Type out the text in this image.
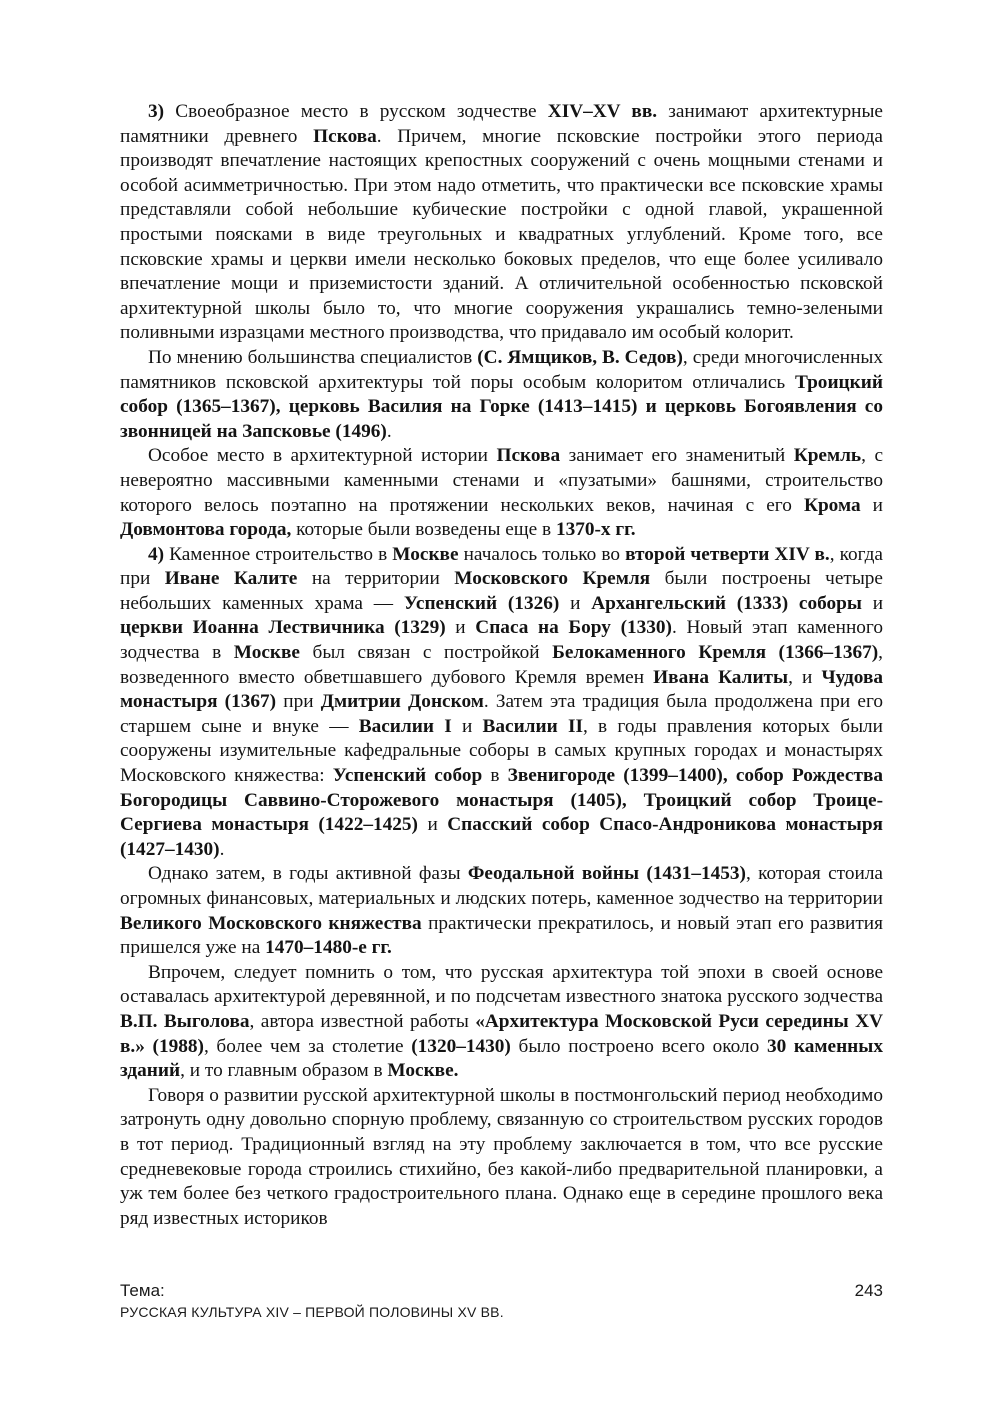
3) Своеобразное место в русском зодчестве XIV–XV вв. занимают архитектурные памятники древнего Пскова. Причем, многие псковские постройки этого периода производят впечатление настоящих крепостных сооружений с очень мощными стенами и особой асимметричностью. При этом надо отметить, что практически все псковские храмы представляли собой небольшие кубические постройки с одной главой, украшенной простыми поясками в виде треугольных и квадратных углублений. Кроме того, все псковские храмы и церкви имели несколько боковых пределов, что еще более усиливало впечатление мощи и приземистости зданий. А отличительной особенностью псковской архитектурной школы было то, что многие сооружения украшались темно-зелеными поливными изразцами местного производства, что придавало им особый колорит.

По мнению большинства специалистов (С. Ямщиков, В. Седов), среди многочисленных памятников псковской архитектуры той поры особым колоритом отличались Троицкий собор (1365–1367), церковь Василия на Горке (1413–1415) и церковь Богоявления со звонницей на Запсковье (1496).

Особое место в архитектурной истории Пскова занимает его знаменитый Кремль, с невероятно массивными каменными стенами и «пузатыми» башнями, строительство которого велось поэтапно на протяжении нескольких веков, начиная с его Крома и Довмонтова города, которые были возведены еще в 1370-х гг.

4) Каменное строительство в Москве началось только во второй четверти XIV в., когда при Иване Калите на территории Московского Кремля были построены четыре небольших каменных храма — Успенский (1326) и Архангельский (1333) соборы и церкви Иоанна Лествичника (1329) и Спаса на Бору (1330). Новый этап каменного зодчества в Москве был связан с постройкой Белокаменного Кремля (1366–1367), возведенного вместо обветшавшего дубового Кремля времен Ивана Калиты, и Чудова монастыря (1367) при Дмитрии Донском. Затем эта традиция была продолжена при его старшем сыне и внуке — Василии I и Василии II, в годы правления которых были сооружены изумительные кафедральные соборы в самых крупных городах и монастырях Московского княжества: Успенский собор в Звенигороде (1399–1400), собор Рождества Богородицы Саввино-Сторожевого монастыря (1405), Троицкий собор Троице-Сергиева монастыря (1422–1425) и Спасский собор Спасо-Андроникова монастыря (1427–1430).

Однако затем, в годы активной фазы Феодальной войны (1431–1453), которая стоила огромных финансовых, материальных и людских потерь, каменное зодчество на территории Великого Московского княжества практически прекратилось, и новый этап его развития пришелся уже на 1470–1480-е гг.

Впрочем, следует помнить о том, что русская архитектура той эпохи в своей основе оставалась архитектурой деревянной, и по подсчетам известного знатока русского зодчества В.П. Выголова, автора известной работы «Архитектура Московской Руси середины XV в.» (1988), более чем за столетие (1320–1430) было построено всего около 30 каменных зданий, и то главным образом в Москве.

Говоря о развитии русской архитектурной школы в постмонгольский период необходимо затронуть одну довольно спорную проблему, связанную со строительством русских городов в тот период. Традиционный взгляд на эту проблему заключается в том, что все русские средневековые города строились стихийно, без какой-либо предварительной планировки, а уж тем более без четкого градостроительного плана. Однако еще в середине прошлого века ряд известных историков

Тема:
РУССКАЯ КУЛЬТУРА XIV – ПЕРВОЙ ПОЛОВИНЫ XV ВВ.
243
